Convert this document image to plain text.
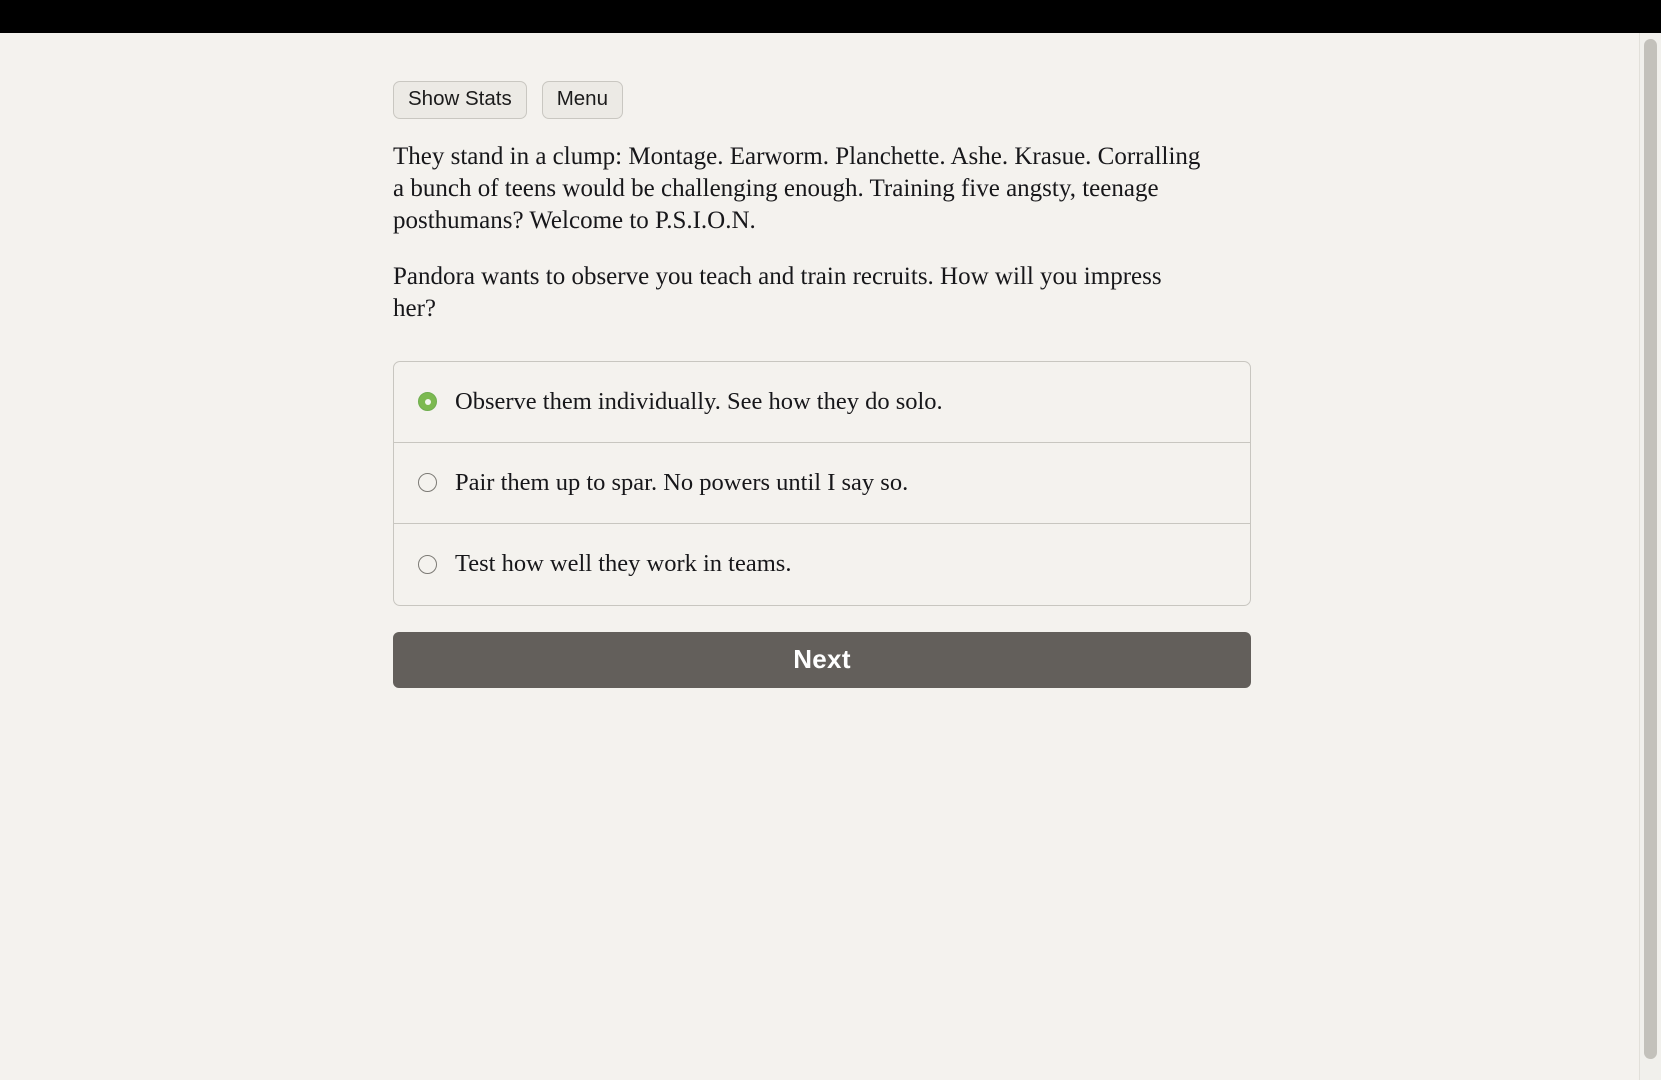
Show Stats	Menu

They stand in a clump: Montage. Earworm. Planchette. Ashe. Krasue. Corralling a bunch of teens would be challenging enough. Training five angsty, teenage posthumans? Welcome to P.S.I.O.N.

Pandora wants to observe you teach and train recruits. How will you impress her?

Observe them individually. See how they do solo.
Pair them up to spar. No powers until I say so.
Test how well they work in teams.
Next
